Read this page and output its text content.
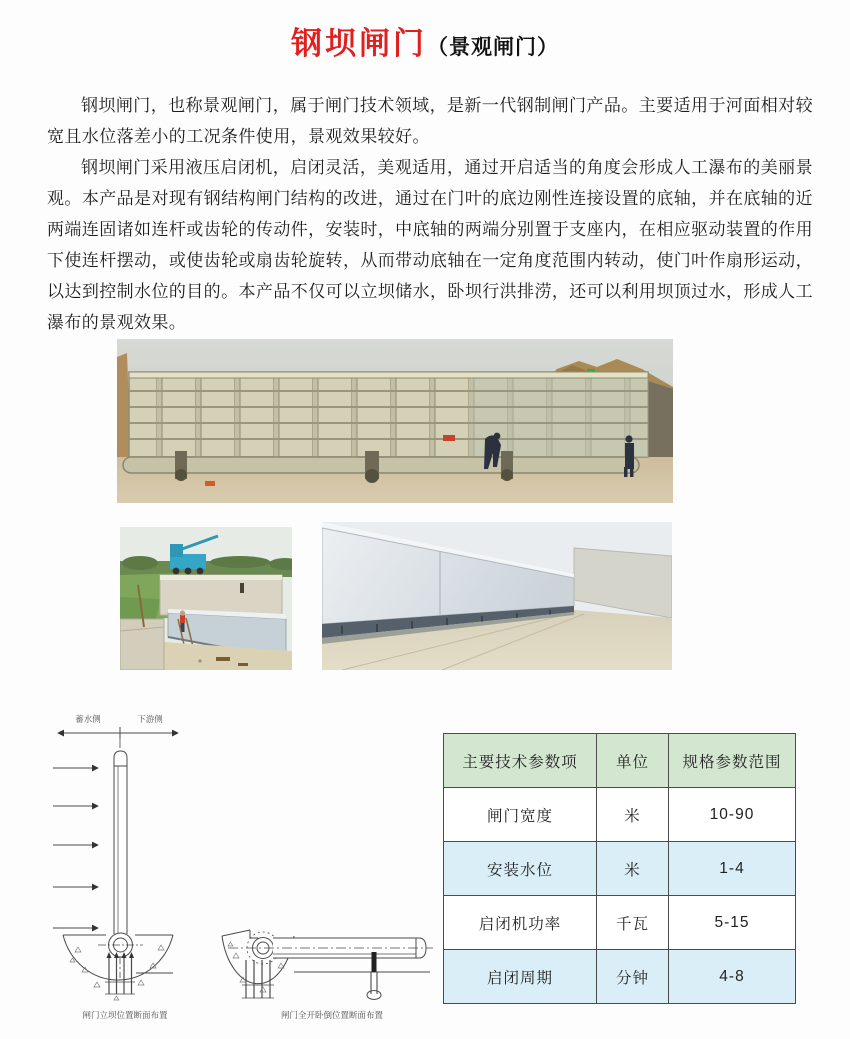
钢坝闸门（景观闸门）

钢坝闸门，也称景观闸门，属于闸门技术领域，是新一代钢制闸门产品。主要适用于河面相对较宽且水位落差小的工况条件使用，景观效果较好。

钢坝闸门采用液压启闭机，启闭灵活，美观适用，通过开启适当的角度会形成人工瀑布的美丽景观。本产品是对现有钢结构闸门结构的改进，通过在门叶的底边刚性连接设置的底轴，并在底轴的近两端连固诸如连杆或齿轮的传动件，安装时，中底轴的两端分别置于支座内，在相应驱动装置的作用下使连杆摆动，或使齿轮或扇齿轮旋转，从而带动底轴在一定角度范围内转动，使门叶作扇形运动，以达到控制水位的目的。本产品不仅可以立坝储水，卧坝行洪排涝，还可以利用坝顶过水，形成人工瀑布的景观效果。

蓄水侧	下游侧
闸门立坝位置断面布置	闸门全开卧倒位置断面布置
主要技术参数项	单位	规格参数范围
闸门宽度	米	10-90
安装水位	米	1-4
启闭机功率	千瓦	5-15
启闭周期	分钟	4-8
